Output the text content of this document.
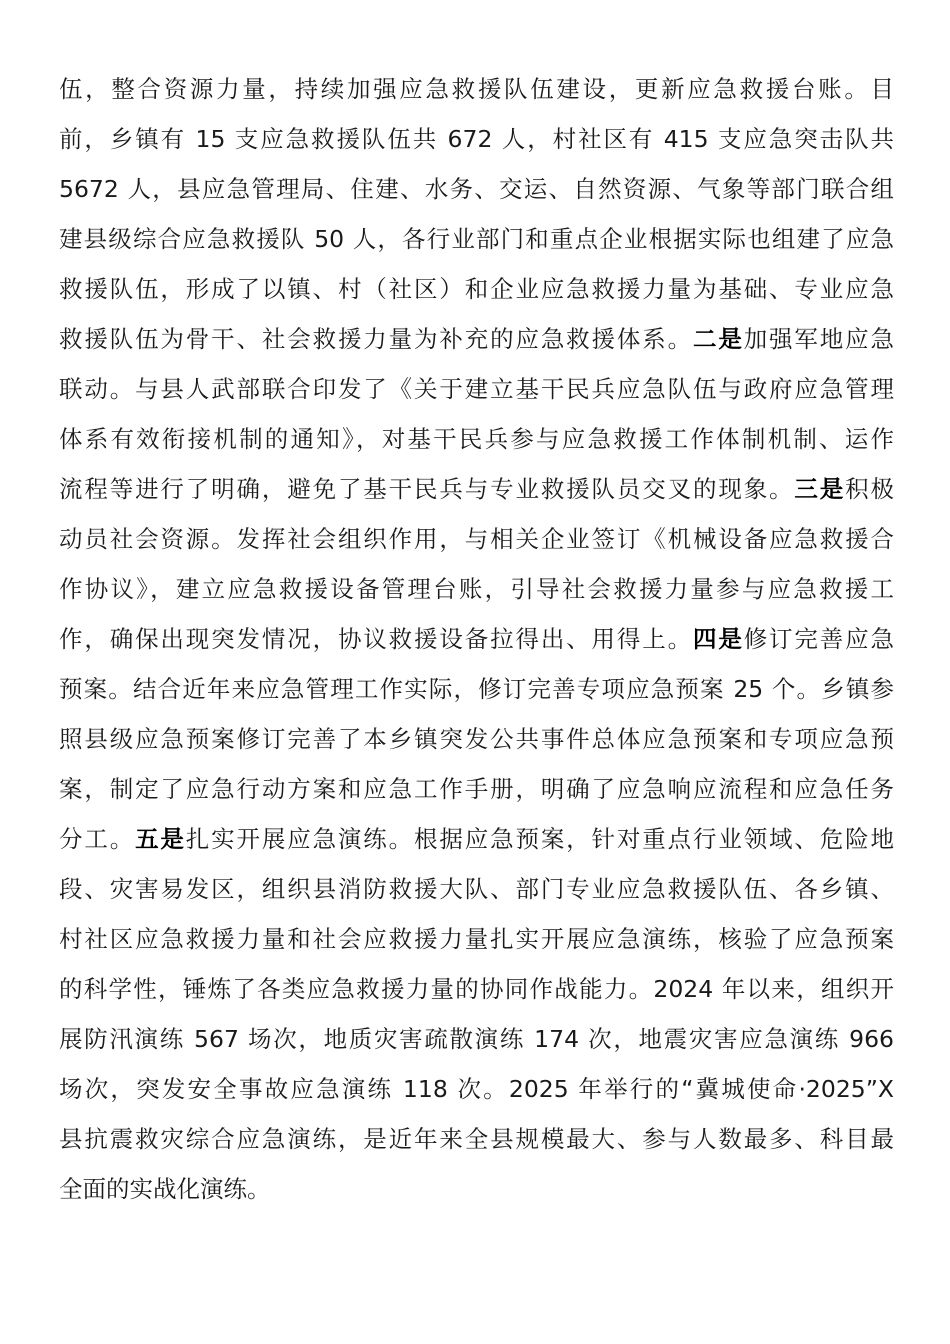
伍，整合资源力量，持续加强应急救援队伍建设，更新应急救援台账。目
前，乡镇有 15 支应急救援队伍共 672 人，村社区有 415 支应急突击队共
5672 人，县应急管理局、住建、水务、交运、自然资源、气象等部门联合组
建县级综合应急救援队 50 人，各行业部门和重点企业根据实际也组建了应急
救援队伍，形成了以镇、村（社区）和企业应急救援力量为基础、专业应急
救援队伍为骨干、社会救援力量为补充的应急救援体系。二是加强军地应急
联动。与县人武部联合印发了《关于建立基干民兵应急队伍与政府应急管理
体系有效衔接机制的通知》，对基干民兵参与应急救援工作体制机制、运作
流程等进行了明确，避免了基干民兵与专业救援队员交叉的现象。三是积极
动员社会资源。发挥社会组织作用，与相关企业签订《机械设备应急救援合
作协议》，建立应急救援设备管理台账，引导社会救援力量参与应急救援工
作，确保出现突发情况，协议救援设备拉得出、用得上。四是修订完善应急
预案。结合近年来应急管理工作实际，修订完善专项应急预案 25 个。乡镇参
照县级应急预案修订完善了本乡镇突发公共事件总体应急预案和专项应急预
案，制定了应急行动方案和应急工作手册，明确了应急响应流程和应急任务
分工。五是扎实开展应急演练。根据应急预案，针对重点行业领域、危险地
段、灾害易发区，组织县消防救援大队、部门专业应急救援队伍、各乡镇、
村社区应急救援力量和社会应救援力量扎实开展应急演练，核验了应急预案
的科学性，锤炼了各类应急救援力量的协同作战能力。2024 年以来，组织开
展防汛演练 567 场次，地质灾害疏散演练 174 次，地震灾害应急演练 966
场次，突发安全事故应急演练 118 次。2025 年举行的“冀城使命·2025”X
县抗震救灾综合应急演练，是近年来全县规模最大、参与人数最多、科目最
全面的实战化演练。
